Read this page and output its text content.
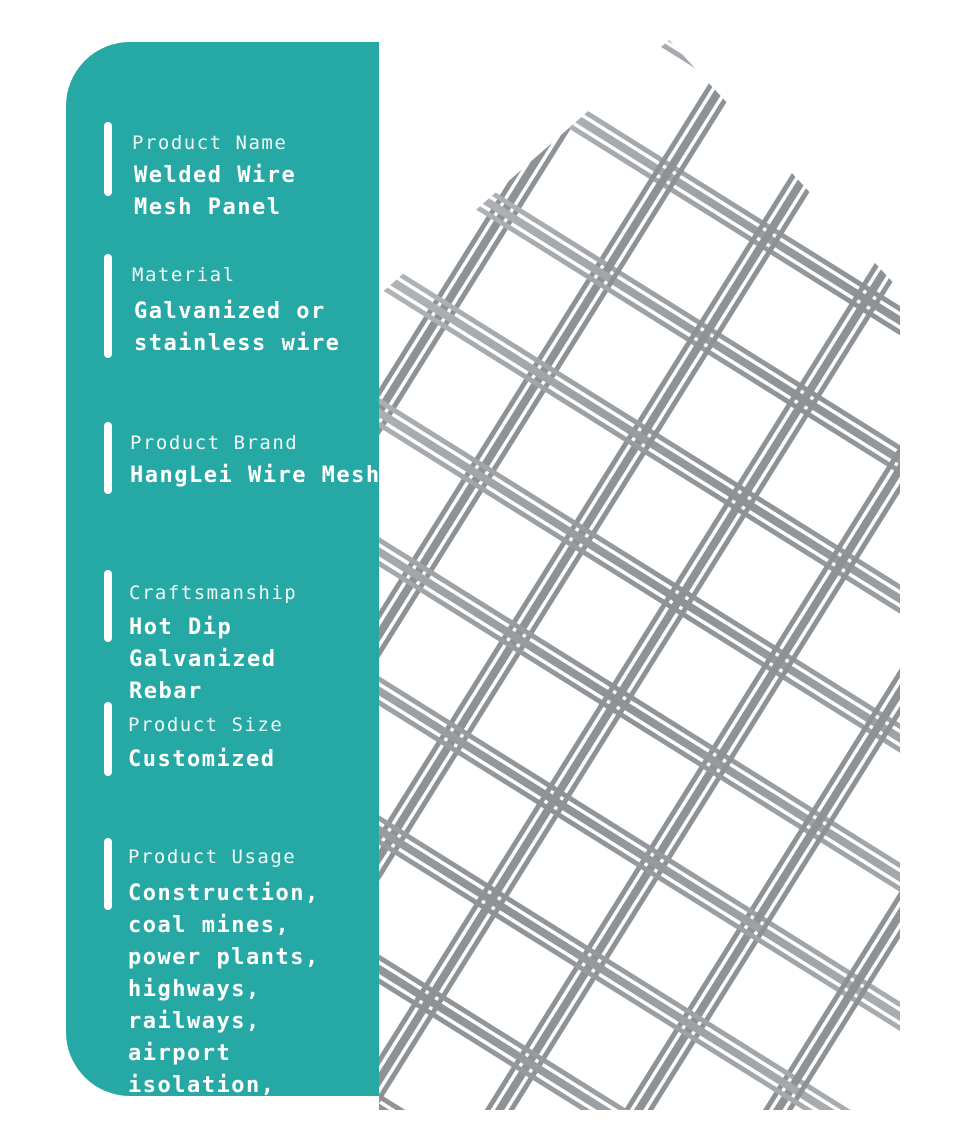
Product Name
Welded Wire
Mesh Panel
Material
Galvanized or
stainless wire
Product Brand
HangLei Wire Mesh
Craftsmanship
Hot Dip Galvanized
Rebar
Product Size
Customized
Product Usage
Construction,
coal mines,
power plants,
highways, railways,
airport isolation,
etc.
